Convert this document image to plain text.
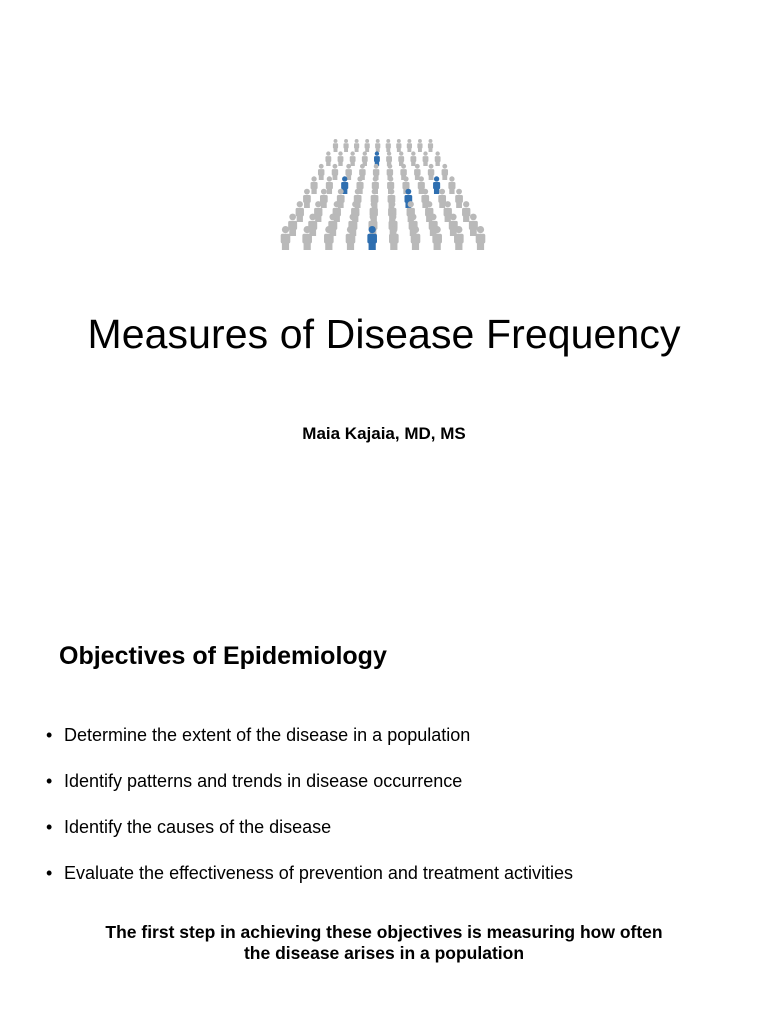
Measures of Disease Frequency

Maia Kajaia, MD, MS

Objectives of Epidemiology
• Determine the extent of the disease in a population
• Identify patterns and trends in disease occurrence
• Identify the causes of the disease
• Evaluate the effectiveness of prevention and treatment activities

The first step in achieving these objectives is measuring how often
the disease arises in a population
